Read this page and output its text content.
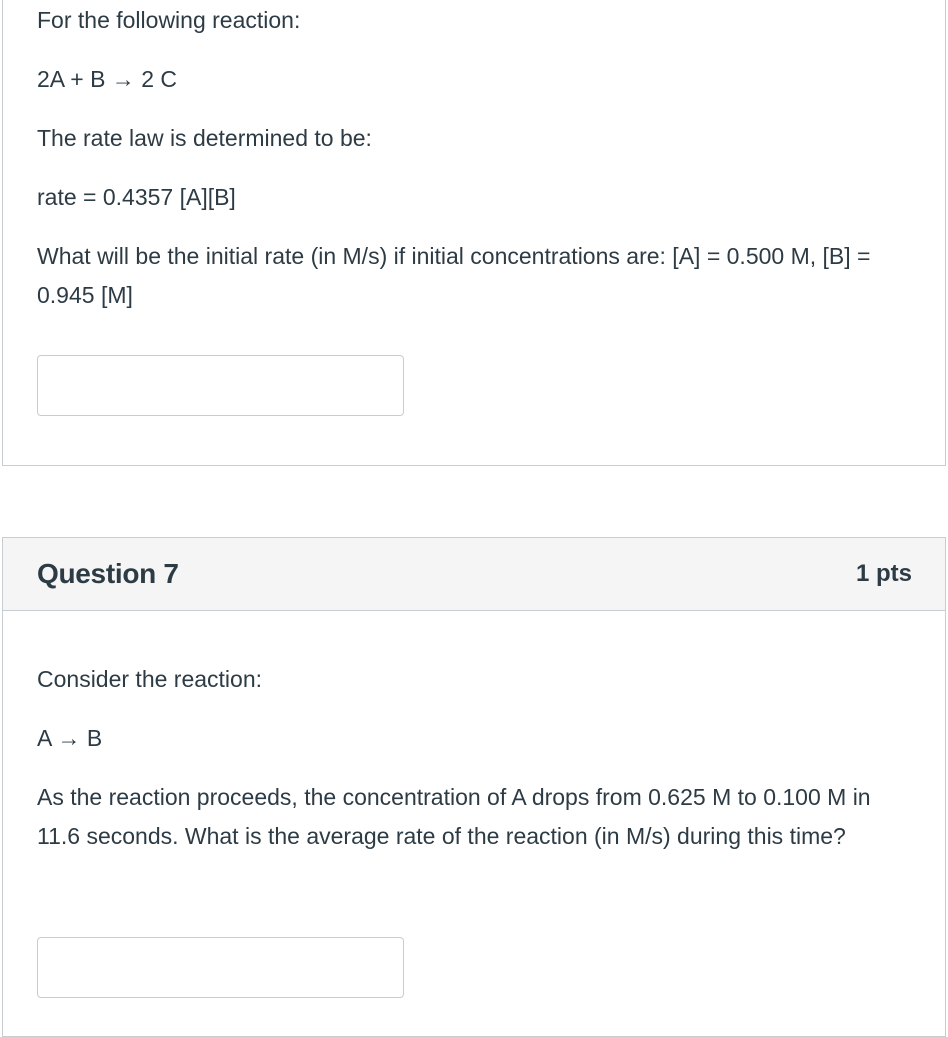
For the following reaction:

2A + B → 2 C

The rate law is determined to be:

rate = 0.4357 [A][B]

What will be the initial rate (in M/s) if initial concentrations are: [A] = 0.500 M, [B] = 0.945 [M]

Question 7	1 pts

Consider the reaction:

A → B

As the reaction proceeds, the concentration of A drops from 0.625 M to 0.100 M in 11.6 seconds. What is the average rate of the reaction (in M/s) during this time?
